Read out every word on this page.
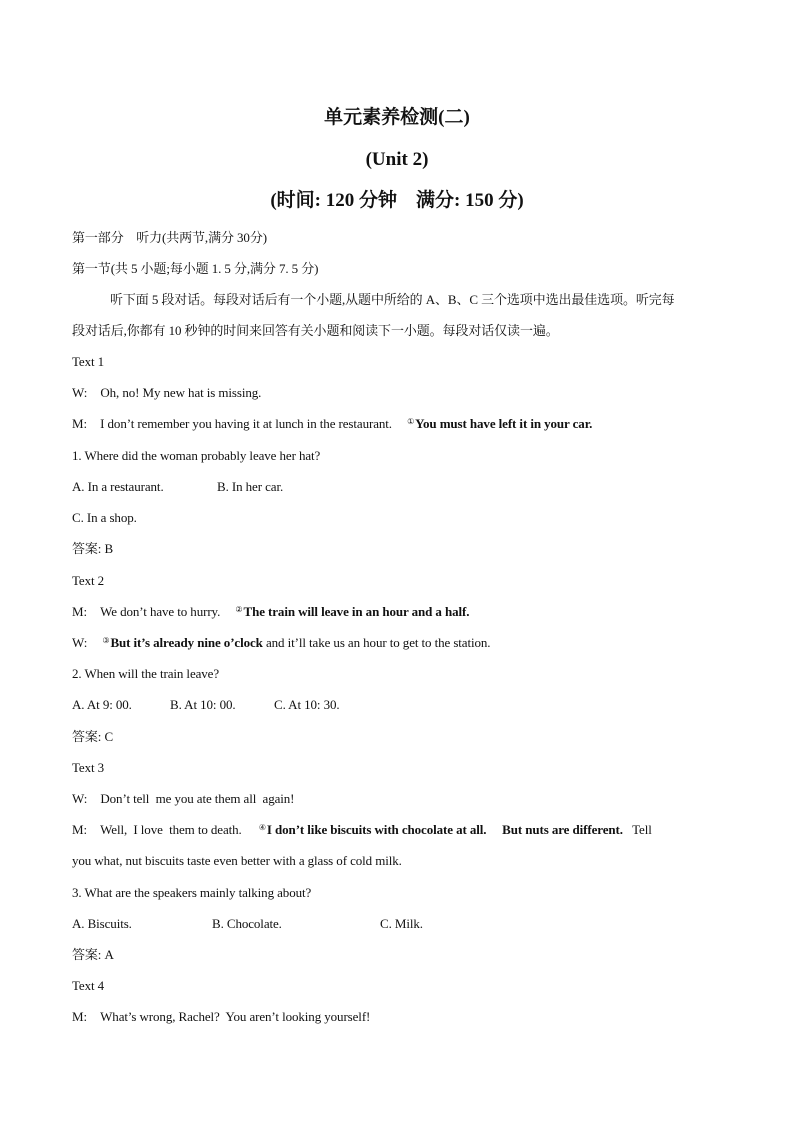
单元素养检测(二)
(Unit 2)
(时间: 120 分钟    满分: 150 分)
第一部分    听力(共两节,满分 30分)
第一节(共 5 小题;每小题 1. 5 分,满分 7. 5 分)
听下面 5 段对话。每段对话后有一个小题,从题中所给的 A、B、C 三个选项中选出最佳选项。听完每
段对话后,你都有 10 秒钟的时间来回答有关小题和阅读下一小题。每段对话仅读一遍。
Text 1
W: Oh, no! My new hat is missing.
M: I don’t remember you having it at lunch in the restaurant. ①You must have left it in your car.
1. Where did the woman probably leave her hat?
A. In a restaurant.	B. In her car.
C. In a shop.
答案: B
Text 2
M: We don’t have to hurry. ②The train will leave in an hour and a half.
W: ③But it’s already nine o’clock and it’ll take us an hour to get to the station.
2. When will the train leave?
A. At 9: 00.	B. At 10: 00.	C. At 10: 30.
答案: C
Text 3
W: Don’t tell  me you ate them all  again!
M: Well,  I love  them to death. ④I don’t like biscuits with chocolate at all.     But nuts are different.   Tell
you what, nut biscuits taste even better with a glass of cold milk.
3. What are the speakers mainly talking about?
A. Biscuits.	B. Chocolate.	C. Milk.
答案: A
Text 4
M: What’s wrong, Rachel?  You aren’t looking yourself!
